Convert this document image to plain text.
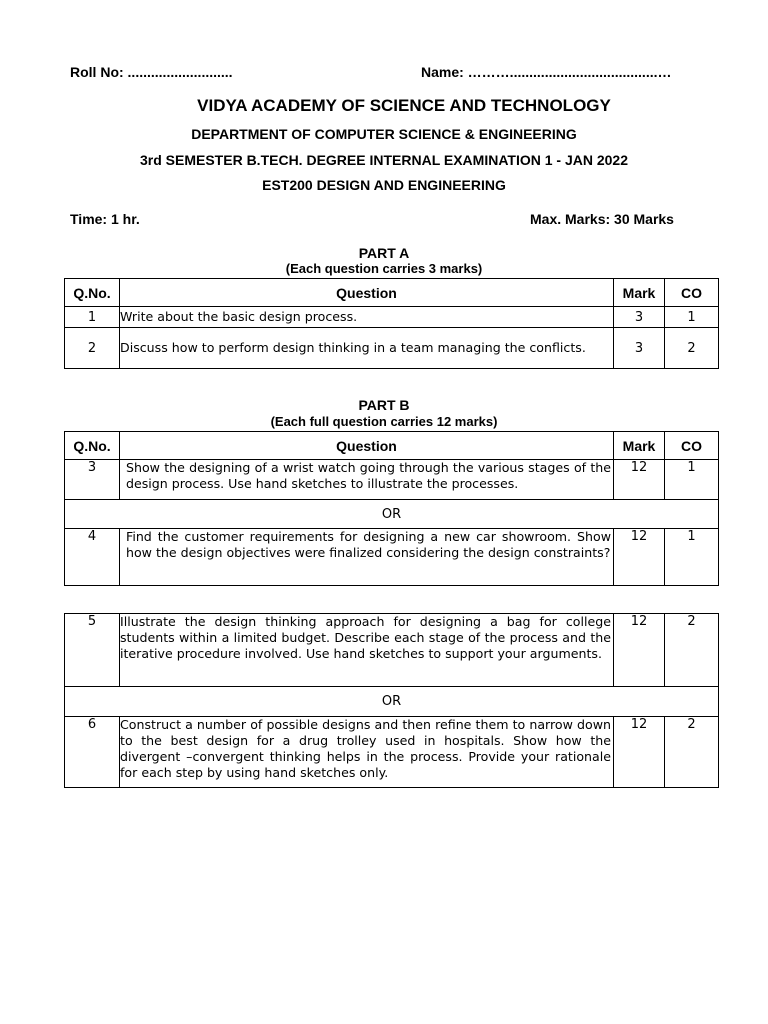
Roll No: ...........................	Name: ………......................................…
VIDYA ACADEMY OF SCIENCE AND TECHNOLOGY
DEPARTMENT OF COMPUTER SCIENCE & ENGINEERING
3rd SEMESTER B.TECH. DEGREE INTERNAL EXAMINATION 1 - JAN 2022
EST200 DESIGN AND ENGINEERING
Time: 1 hr.	Max. Marks: 30 Marks
PART A
(Each question carries 3 marks)
Q.No.	Question	Mark	CO
1	Write about the basic design process.	3	1
2	Discuss how to perform design thinking in a team managing the conflicts.	3	2
PART B
(Each full question carries 12 marks)
Q.No.	Question	Mark	CO
3	Show the designing of a wrist watch going through the various stages of the design process. Use hand sketches to illustrate the processes.	12	1
OR			
4	Find the customer requirements for designing a new car showroom. Show how the design objectives were finalized considering the design constraints?	12	1
5	Illustrate the design thinking approach for designing a bag for college students within a limited budget. Describe each stage of the process and the iterative procedure involved. Use hand sketches to support your arguments.	12	2
OR			
6	Construct a number of possible designs and then refine them to narrow down to the best design for a drug trolley used in hospitals. Show how the divergent –convergent thinking helps in the process. Provide your rationale for each step by using hand sketches only.	12	2
